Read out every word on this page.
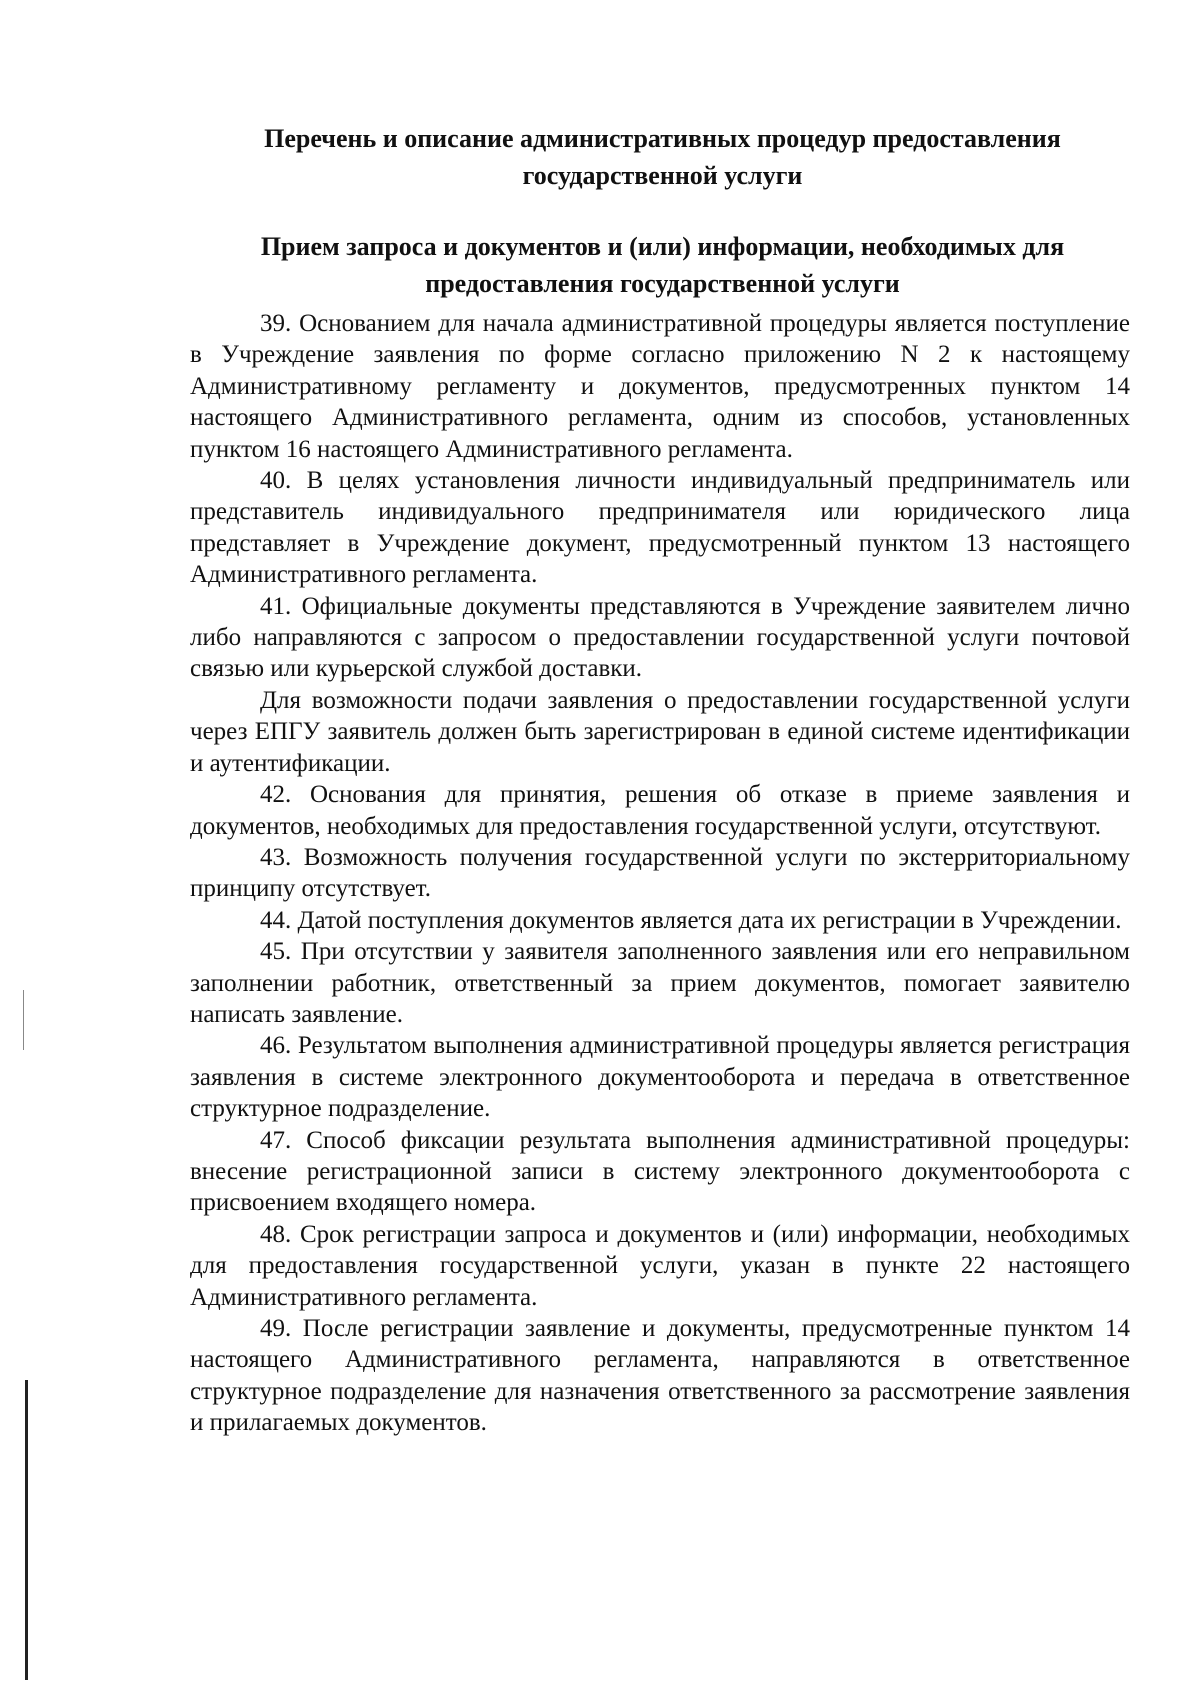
Перечень и описание административных процедур предоставления государственной услуги
Прием запроса и документов и (или) информации, необходимых для предоставления государственной услуги

39. Основанием для начала административной процедуры является поступление в Учреждение заявления по форме согласно приложению N 2 к настоящему Административному регламенту и документов, предусмотренных пунктом 14 настоящего Административного регламента, одним из способов, установленных пунктом 16 настоящего Административного регламента.

40. В целях установления личности индивидуальный предприниматель или представитель индивидуального предпринимателя или юридического лица представляет в Учреждение документ, предусмотренный пунктом 13 настоящего Административного регламента.

41. Официальные документы представляются в Учреждение заявителем лично либо направляются с запросом о предоставлении государственной услуги почтовой связью или курьерской службой доставки.

Для возможности подачи заявления о предоставлении государственной услуги через ЕПГУ заявитель должен быть зарегистрирован в единой системе идентификации и аутентификации.

42. Основания для принятия, решения об отказе в приеме заявления и документов, необходимых для предоставления государственной услуги, отсутствуют.

43. Возможность получения государственной услуги по экстерриториальному принципу отсутствует.

44. Датой поступления документов является дата их регистрации в Учреждении.

45. При отсутствии у заявителя заполненного заявления или его неправильном заполнении работник, ответственный за прием документов, помогает заявителю написать заявление.

46. Результатом выполнения административной процедуры является регистрация заявления в системе электронного документооборота и передача в ответственное структурное подразделение.

47. Способ фиксации результата выполнения административной процедуры: внесение регистрационной записи в систему электронного документооборота с присвоением входящего номера.

48. Срок регистрации запроса и документов и (или) информации, необходимых для предоставления государственной услуги, указан в пункте 22 настоящего Административного регламента.

49. После регистрации заявление и документы, предусмотренные пунктом 14 настоящего Административного регламента, направляются в ответственное структурное подразделение для назначения ответственного за рассмотрение заявления и прилагаемых документов.
